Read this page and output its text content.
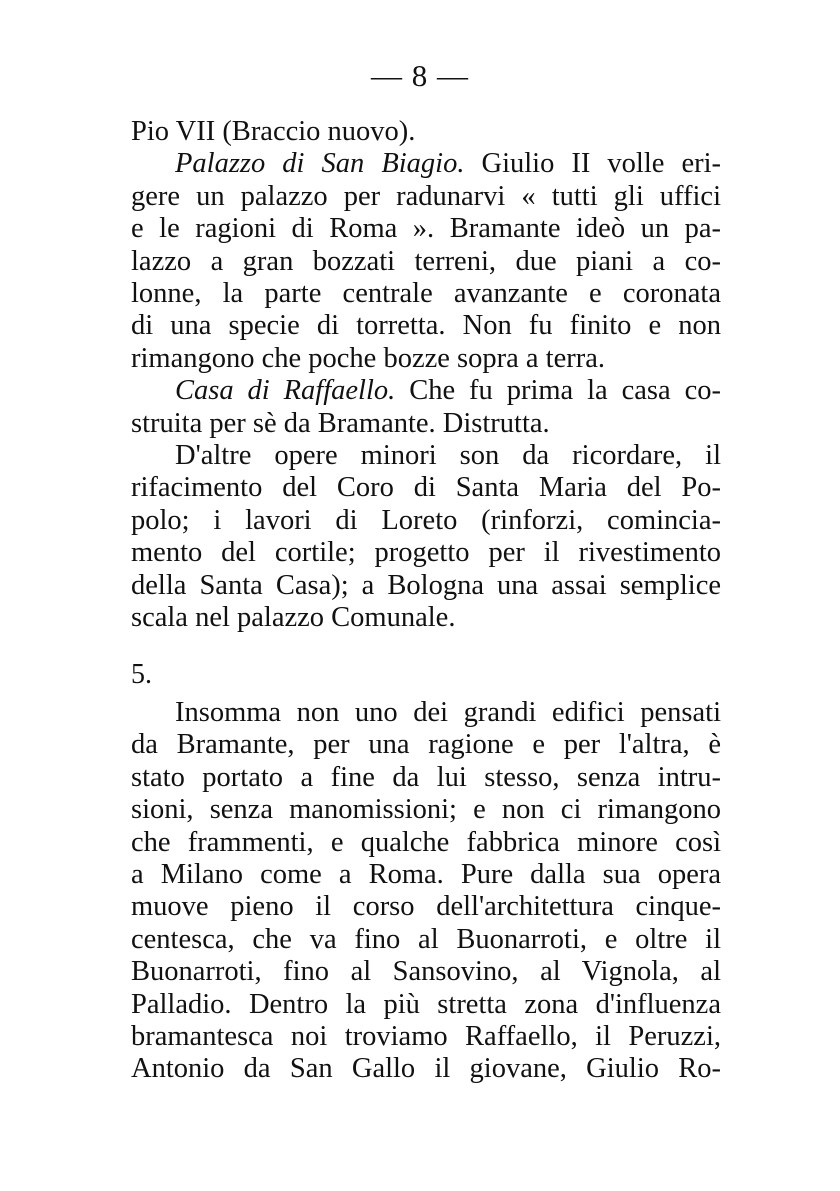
— 8 —
Pio VII (Braccio nuovo).
Palazzo di San Biagio. Giulio II volle eri-
gere un palazzo per radunarvi « tutti gli uffici
e le ragioni di Roma ». Bramante ideò un pa-
lazzo a gran bozzati terreni, due piani a co-
lonne, la parte centrale avanzante e coronata
di una specie di torretta. Non fu finito e non
rimangono che poche bozze sopra a terra.
Casa di Raffaello. Che fu prima la casa co-
struita per sè da Bramante. Distrutta.
D'altre opere minori son da ricordare, il
rifacimento del Coro di Santa Maria del Po-
polo; i lavori di Loreto (rinforzi, comincia-
mento del cortile; progetto per il rivestimento
della Santa Casa); a Bologna una assai semplice
scala nel palazzo Comunale.
5.
Insomma non uno dei grandi edifici pensati
da Bramante, per una ragione e per l'altra, è
stato portato a fine da lui stesso, senza intru-
sioni, senza manomissioni; e non ci rimangono
che frammenti, e qualche fabbrica minore così
a Milano come a Roma. Pure dalla sua opera
muove pieno il corso dell'architettura cinque-
centesca, che va fino al Buonarroti, e oltre il
Buonarroti, fino al Sansovino, al Vignola, al
Palladio. Dentro la più stretta zona d'influenza
bramantesca noi troviamo Raffaello, il Peruzzi,
Antonio da San Gallo il giovane, Giulio Ro-
